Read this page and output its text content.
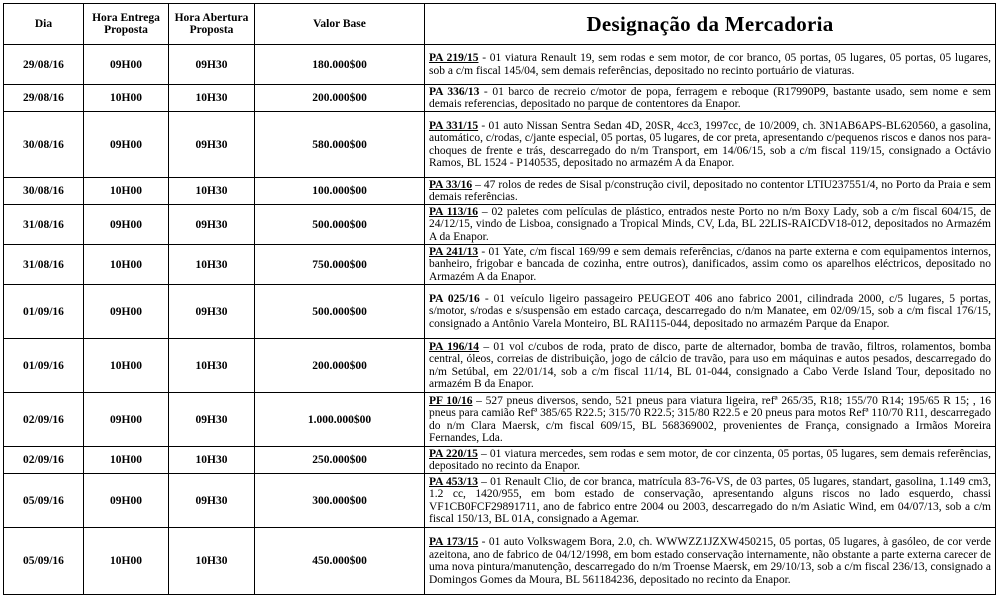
Dia	Hora Entrega Proposta	Hora Abertura Proposta	Valor Base	Designação da Mercadoria
29/08/16	09H00	09H30	180.000$00	PA 219/15 - 01 viatura Renault 19, sem rodas e sem motor, de cor branco, 05 portas, 05 lugares, 05 portas, 05 lugares, sob a c/m fiscal 145/04, sem demais referências, depositado no recinto portuário de viaturas.
29/08/16	10H00	10H30	200.000$00	PA 336/13 - 01 barco de recreio c/motor de popa, ferragem e reboque (R17990P9, bastante usado, sem nome e sem demais referencias, depositado no parque de contentores da Enapor.
30/08/16	09H00	09H30	580.000$00	PA 331/15 - 01 auto Nissan Sentra Sedan 4D, 20SR, 4cc3, 1997cc, de 10/2009, ch. 3N1AB6APS-BL620560, a gasolina, automático, c/rodas, c/jante especial, 05 portas, 05 lugares, de cor preta, apresentando c/pequenos riscos e danos nos para-choques de frente e trás, descarregado do n/m Transport, em 14/06/15, sob a c/m fiscal 119/15, consignado a Octávio Ramos, BL 1524 - P140535, depositado no armazém A da Enapor.
30/08/16	10H00	10H30	100.000$00	PA 33/16 – 47 rolos de redes de Sisal p/construção civil, depositado no contentor LTIU237551/4, no Porto da Praia e sem demais referências.
31/08/16	09H00	09H30	500.000$00	PA 113/16 – 02 paletes com películas de plástico, entrados neste Porto no n/m Boxy Lady, sob a c/m fiscal 604/15, de 24/12/15, vindo de Lisboa, consignado a Tropical Minds, CV, Lda, BL 22LIS-RAICDV18-012, depositados no Armazém A da Enapor.
31/08/16	10H00	10H30	750.000$00	PA 241/13 - 01 Yate, c/m fiscal 169/99 e sem demais referências, c/danos na parte externa e com equipamentos internos, banheiro, frigobar e bancada de cozinha, entre outros), danificados, assim como os aparelhos eléctricos, depositado no Armazém A da Enapor.
01/09/16	09H00	09H30	500.000$00	PA 025/16 - 01 veículo ligeiro passageiro PEUGEOT 406 ano fabrico 2001, cilindrada 2000, c/5 lugares, 5 portas, s/motor, s/rodas e s/suspensão em estado carcaça, descarregado do n/m Manatee, em 02/09/15, sob a c/m fiscal 176/15, consignado a Antônio Varela Monteiro, BL RAI115-044, depositado no armazém Parque da Enapor.
01/09/16	10H00	10H30	200.000$00	PA 196/14 – 01 vol c/cubos de roda, prato de disco, parte de alternador, bomba de travão, filtros, rolamentos, bomba central, óleos, correias de distribuição, jogo de cálcio de travão, para uso em máquinas e autos pesados, descarregado do n/m Setúbal, em 22/01/14, sob a c/m fiscal 11/14, BL 01-044, consignado a Cabo Verde Island Tour, depositado no armazém B da Enapor.
02/09/16	09H00	09H30	1.000.000$00	PF 10/16 – 527 pneus diversos, sendo, 521 pneus para viatura ligeira, refª 265/35, R18; 155/70 R14; 195/65 R 15; , 16 pneus para camião Refª 385/65 R22.5; 315/70 R22.5; 315/80 R22.5 e 20 pneus para motos Refª 110/70 R11, descarregado do n/m Clara Maersk, c/m fiscal 609/15, BL 568369002, provenientes de França, consignado a Irmãos Moreira Fernandes, Lda.
02/09/16	10H00	10H30	250.000$00	PA 220/15 – 01 viatura mercedes, sem rodas e sem motor, de cor cinzenta, 05 portas, 05 lugares, sem demais referências, depositado no recinto da Enapor.
05/09/16	09H00	09H30	300.000$00	PA 453/13 – 01 Renault Clio, de cor branca, matrícula 83-76-VS, de 03 partes, 05 lugares, standart, gasolina, 1.149 cm3, 1.2 cc, 1420/955, em bom estado de conservação, apresentando alguns riscos no lado esquerdo, chassi VF1CB0FCF29891711, ano de fabrico entre 2004 ou 2003, descarregado do n/m Asiatic Wind, em 04/07/13, sob a c/m fiscal 150/13, BL 01A, consignado a Agemar.
05/09/16	10H00	10H30	450.000$00	PA 173/15 - 01 auto Volkswagem Bora, 2.0, ch. WWWZZ1JZXW450215, 05 portas, 05 lugares, à gasóleo, de cor verde azeitona, ano de fabrico de 04/12/1998, em bom estado conservação internamente, não obstante a parte externa carecer de uma nova pintura/manutenção, descarregado do n/m Troense Maersk, em 29/10/13, sob a c/m fiscal 236/13, consignado a Domingos Gomes da Moura, BL 561184236, depositado no recinto da Enapor.
